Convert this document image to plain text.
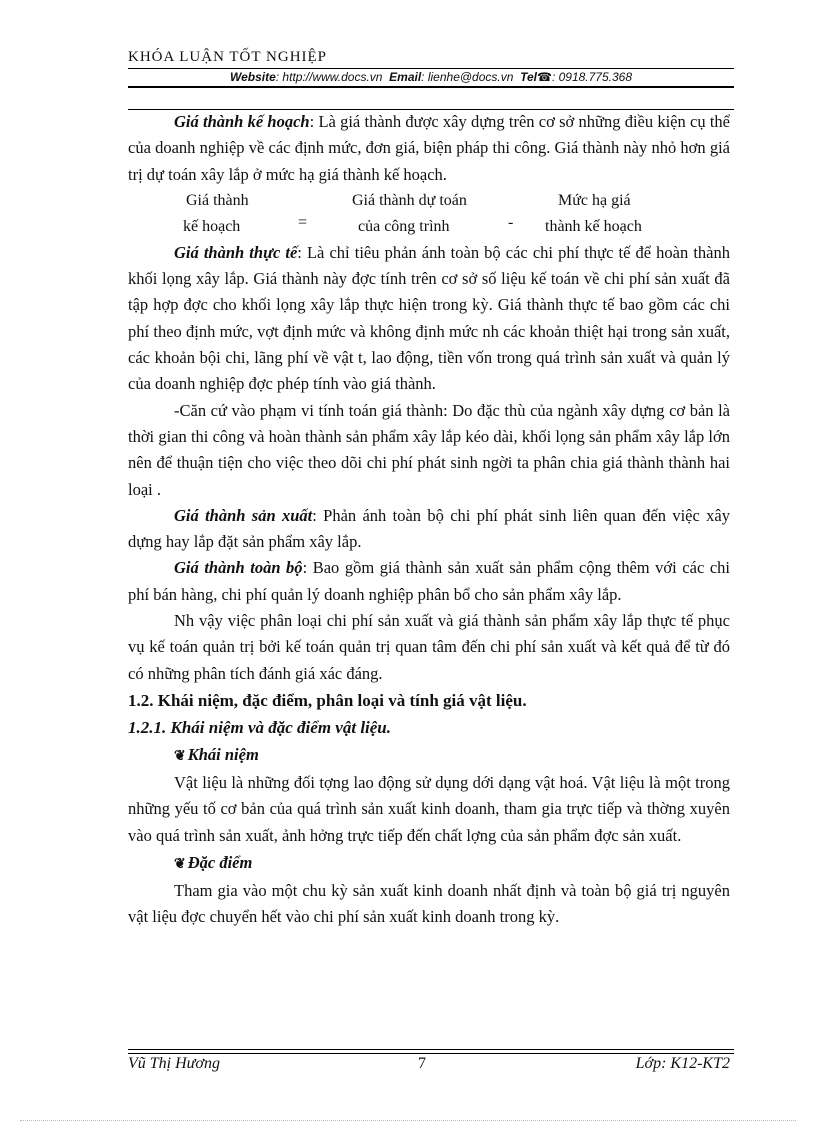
KHÓA LUẬN TỐT NGHIỆP
Website: http://www.docs.vn Email: lienhe@docs.vn Tel☎: 0918.775.368

Giá thành kế hoạch: Là giá thành được xây dựng trên cơ sở những điều kiện cụ thể của doanh nghiệp về các định mức, đơn giá, biện pháp thi công. Giá thành này nhỏ hơn giá trị dự toán xây lắp ở mức hạ giá thành kế hoạch.

Giá thành
kế hoạch	=
Giá thành dự toán
của công trình	-
Mức hạ giá
thành kế hoạch

Giá thành thực tế: Là chỉ tiêu phản ánh toàn bộ các chi phí thực tế để hoàn thành khối lọng xây lắp. Giá thành này đợc tính trên cơ sở số liệu kế toán về chi phí sản xuất đã tập hợp đợc cho khối lọng xây lắp thực hiện trong kỳ. Giá thành thực tế bao gồm các chi phí theo định mức, vợt định mức và không định mức nh các khoản thiệt hại trong sản xuất, các khoản bội chi, lãng phí về vật t, lao động, tiền vốn trong quá trình sản xuất và quản lý của doanh nghiệp đợc phép tính vào giá thành.

-Căn cứ vào phạm vi tính toán giá thành: Do đặc thù của ngành xây dựng cơ bản là thời gian thi công và hoàn thành sản phẩm xây lắp kéo dài, khối lọng sản phẩm xây lắp lớn nên để thuận tiện cho việc theo dõi chi phí phát sinh ngời ta phân chia giá thành thành hai loại .

Giá thành sản xuất: Phản ánh toàn bộ chi phí phát sinh liên quan đến việc xây dựng hay lắp đặt sản phẩm xây lắp.

Giá thành toàn bộ: Bao gồm giá thành sản xuất sản phẩm cộng thêm với các chi phí bán hàng, chi phí quản lý doanh nghiệp phân bổ cho sản phẩm xây lắp.

Nh vậy việc phân loại chi phí sản xuất và giá thành sản phẩm xây lắp thực tế phục vụ kế toán quản trị bởi kế toán quản trị quan tâm đến chi phí sản xuất và kết quả để từ đó có những phân tích đánh giá xác đáng.

1.2. Khái niệm, đặc điểm, phân loại và tính giá vật liệu.
1.2.1. Khái niệm và đặc điểm vật liệu.
❦ Khái niệm

Vật liệu là những đối tợng lao động sử dụng dới dạng vật hoá. Vật liệu là một trong những yếu tố cơ bản của quá trình sản xuất kinh doanh, tham gia trực tiếp và thờng xuyên vào quá trình sản xuất, ảnh hởng trực tiếp đến chất lợng của sản phẩm đợc sản xuất.

❦ Đặc điểm

Tham gia vào một chu kỳ sản xuất kinh doanh nhất định và toàn bộ giá trị nguyên vật liệu đợc chuyển hết vào chi phí sản xuất kinh doanh trong kỳ.

Vũ Thị Hương	7	Lớp: K12-KT2
